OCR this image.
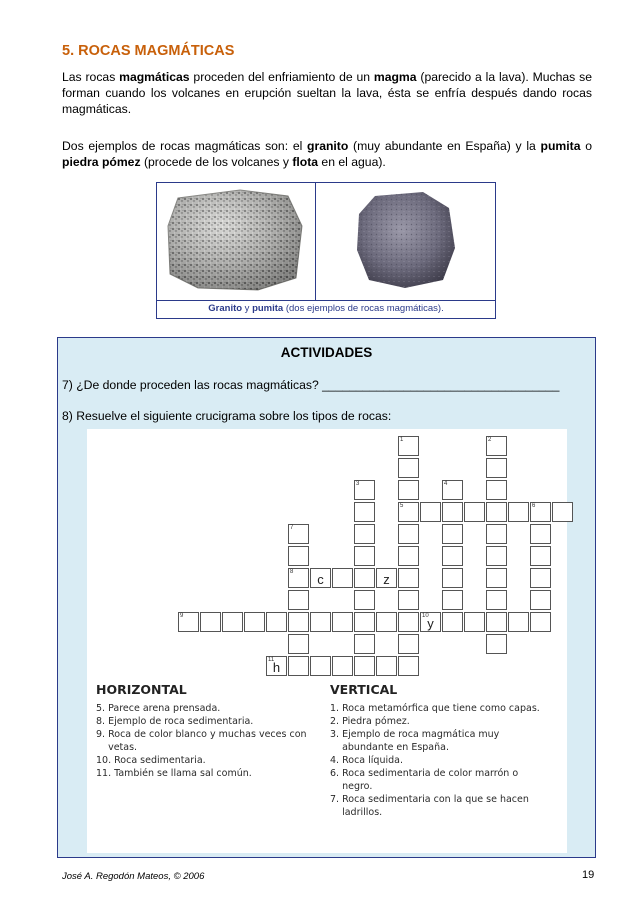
5. ROCAS MAGMÁTICAS
Las rocas magmáticas proceden del enfriamiento de un magma (parecido a la lava). Muchas se forman cuando los volcanes en erupción sueltan la lava, ésta se enfría después dando rocas magmáticas.
Dos ejemplos de rocas magmáticas son: el granito (muy abundante en España) y la pumita o piedra pómez (procede de los volcanes y flota en el agua).
Granito y pumita (dos ejemplos de rocas magmáticas).
ACTIVIDADES
7) ¿De donde proceden las rocas magmáticas? ___________________________________
8) Resuelve el siguiente crucigrama sobre los tipos de rocas:
1
5
2
3	4
6
7
8	c	z
9	10
y
11
h
HORIZONTAL
5. Parece arena prensada.
8. Ejemplo de roca sedimentaria.
9. Roca de color blanco y muchas veces con
vetas.
10. Roca sedimentaria.
11. También se llama sal común.
VERTICAL
1. Roca metamórfica que tiene como capas.
2. Piedra pómez.
3. Ejemplo de roca magmática muy
abundante en España.
4. Roca líquida.
6. Roca sedimentaria de color marrón o
negro.
7. Roca sedimentaria con la que se hacen
ladrillos.
José A. Regodón Mateos, © 2006	19
